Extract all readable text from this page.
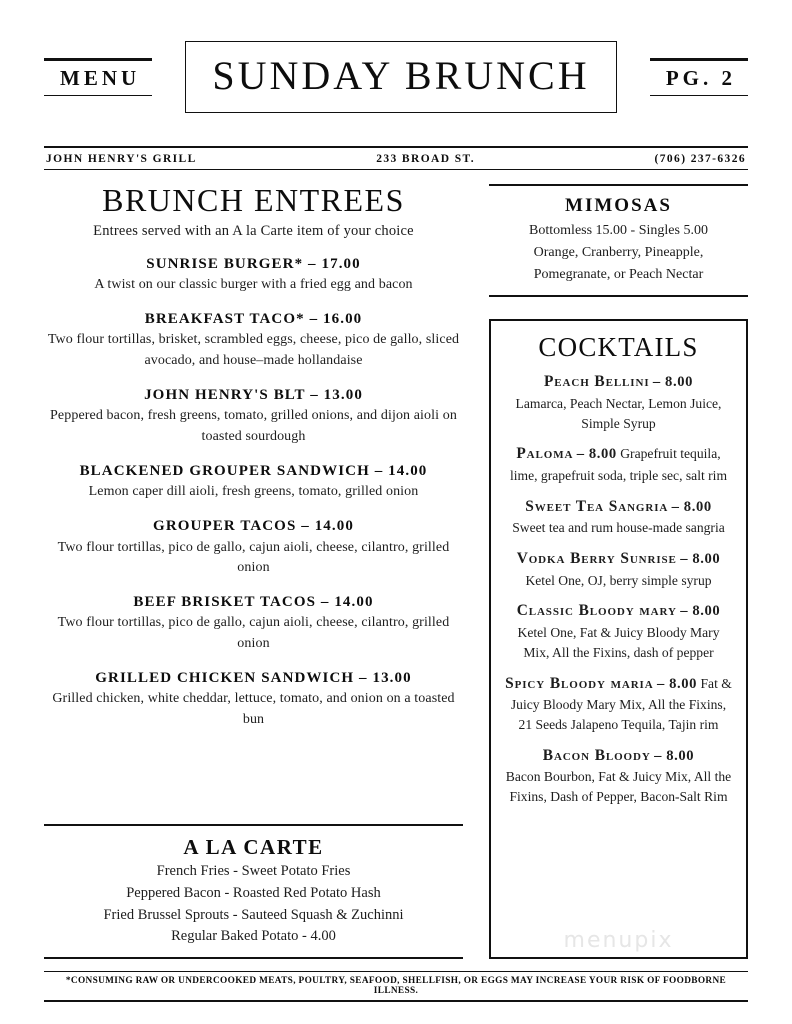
MENU	SUNDAY BRUNCH	PG. 2
JOHN HENRY'S GRILL	233 BROAD ST.	(706) 237-6326
BRUNCH ENTREES
Entrees served with an A la Carte item of your choice
SUNRISE BURGER* – 17.00
A twist on our classic burger with a fried egg and bacon
BREAKFAST TACO* – 16.00
Two flour tortillas, brisket, scrambled eggs, cheese, pico de gallo, sliced avocado, and house–made hollandaise
JOHN HENRY'S BLT – 13.00
Peppered bacon, fresh greens, tomato, grilled onions, and dijon aioli on toasted sourdough
BLACKENED GROUPER SANDWICH – 14.00
Lemon caper dill aioli, fresh greens, tomato, grilled onion
GROUPER TACOS – 14.00
Two flour tortillas, pico de gallo, cajun aioli, cheese, cilantro, grilled onion
BEEF BRISKET TACOS – 14.00
Two flour tortillas, pico de gallo, cajun aioli, cheese, cilantro, grilled onion
GRILLED CHICKEN SANDWICH – 13.00
Grilled chicken, white cheddar, lettuce, tomato, and onion on a toasted bun
A LA CARTE
French Fries - Sweet Potato Fries
Peppered Bacon - Roasted Red Potato Hash
Fried Brussel Sprouts - Sauteed Squash & Zuchinni
Regular Baked Potato - 4.00
MIMOSAS
Bottomless 15.00 - Singles 5.00
Orange, Cranberry, Pineapple,
Pomegranate, or Peach Nectar
COCKTAILS
Peach Bellini – 8.00
Lamarca, Peach Nectar, Lemon Juice, Simple Syrup
Paloma – 8.00 Grapefruit tequila, lime, grapefruit soda, triple sec, salt rim
Sweet Tea Sangria – 8.00
Sweet tea and rum house-made sangria
Vodka Berry Sunrise – 8.00 Ketel One, OJ, berry simple syrup
Classic Bloody mary – 8.00 Ketel One, Fat & Juicy Bloody Mary Mix, All the Fixins, dash of pepper
Spicy Bloody maria – 8.00 Fat & Juicy Bloody Mary Mix, All the Fixins, 21 Seeds Jalapeno Tequila, Tajin rim
Bacon Bloody – 8.00
Bacon Bourbon, Fat & Juicy Mix, All the Fixins, Dash of Pepper, Bacon-Salt Rim
menupix
*CONSUMING RAW OR UNDERCOOKED MEATS, POULTRY, SEAFOOD, SHELLFISH, OR EGGS MAY INCREASE YOUR RISK OF FOODBORNE ILLNESS.
